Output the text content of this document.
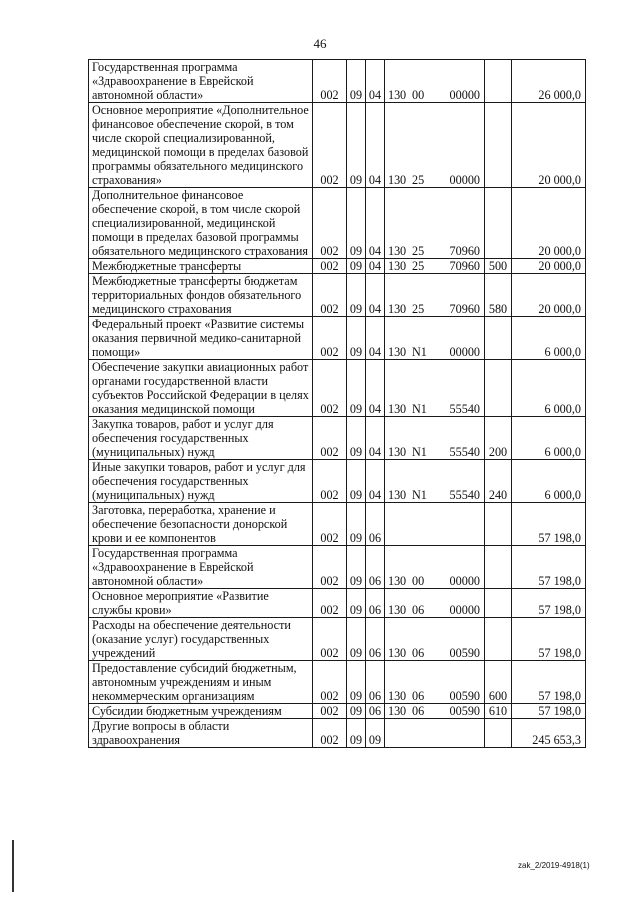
46
Государственная программа «Здравоохранение в Еврейской автономной области»	002	09	04	130 00 00000		26 000,0
Основное мероприятие «Дополнительное финансовое обеспечение скорой, в том числе скорой специализированной, медицинской помощи в пределах базовой программы обязательного медицинского страхования»	002	09	04	130 25 00000		20 000,0
Дополнительное финансовое обеспечение скорой, в том числе скорой специализированной, медицинской помощи в пределах базовой программы обязательного медицинского страхования	002	09	04	130 25 70960		20 000,0
Межбюджетные трансферты	002	09	04	130 25 70960	500	20 000,0
Межбюджетные трансферты бюджетам территориальных фондов обязательного медицинского страхования	002	09	04	130 25 70960	580	20 000,0
Федеральный проект «Развитие системы оказания первичной медико-санитарной помощи»	002	09	04	130 N1 00000		6 000,0
Обеспечение закупки авиационных работ органами государственной власти субъектов Российской Федерации в целях оказания медицинской помощи	002	09	04	130 N1 55540		6 000,0
Закупка товаров, работ и услуг для обеспечения государственных (муниципальных) нужд	002	09	04	130 N1 55540	200	6 000,0
Иные закупки товаров, работ и услуг для обеспечения государственных (муниципальных) нужд	002	09	04	130 N1 55540	240	6 000,0
Заготовка, переработка, хранение и обеспечение безопасности донорской крови и ее компонентов	002	09	06			57 198,0
Государственная программа «Здравоохранение в Еврейской автономной области»	002	09	06	130 00 00000		57 198,0
Основное мероприятие «Развитие службы крови»	002	09	06	130 06 00000		57 198,0
Расходы на обеспечение деятельности (оказание услуг) государственных учреждений	002	09	06	130 06 00590		57 198,0
Предоставление субсидий бюджетным, автономным учреждениям и иным некоммерческим организациям	002	09	06	130 06 00590	600	57 198,0
Субсидии бюджетным учреждениям	002	09	06	130 06 00590	610	57 198,0
Другие вопросы в области здравоохранения	002	09	09			245 653,3
zak_2/2019-4918(1)
